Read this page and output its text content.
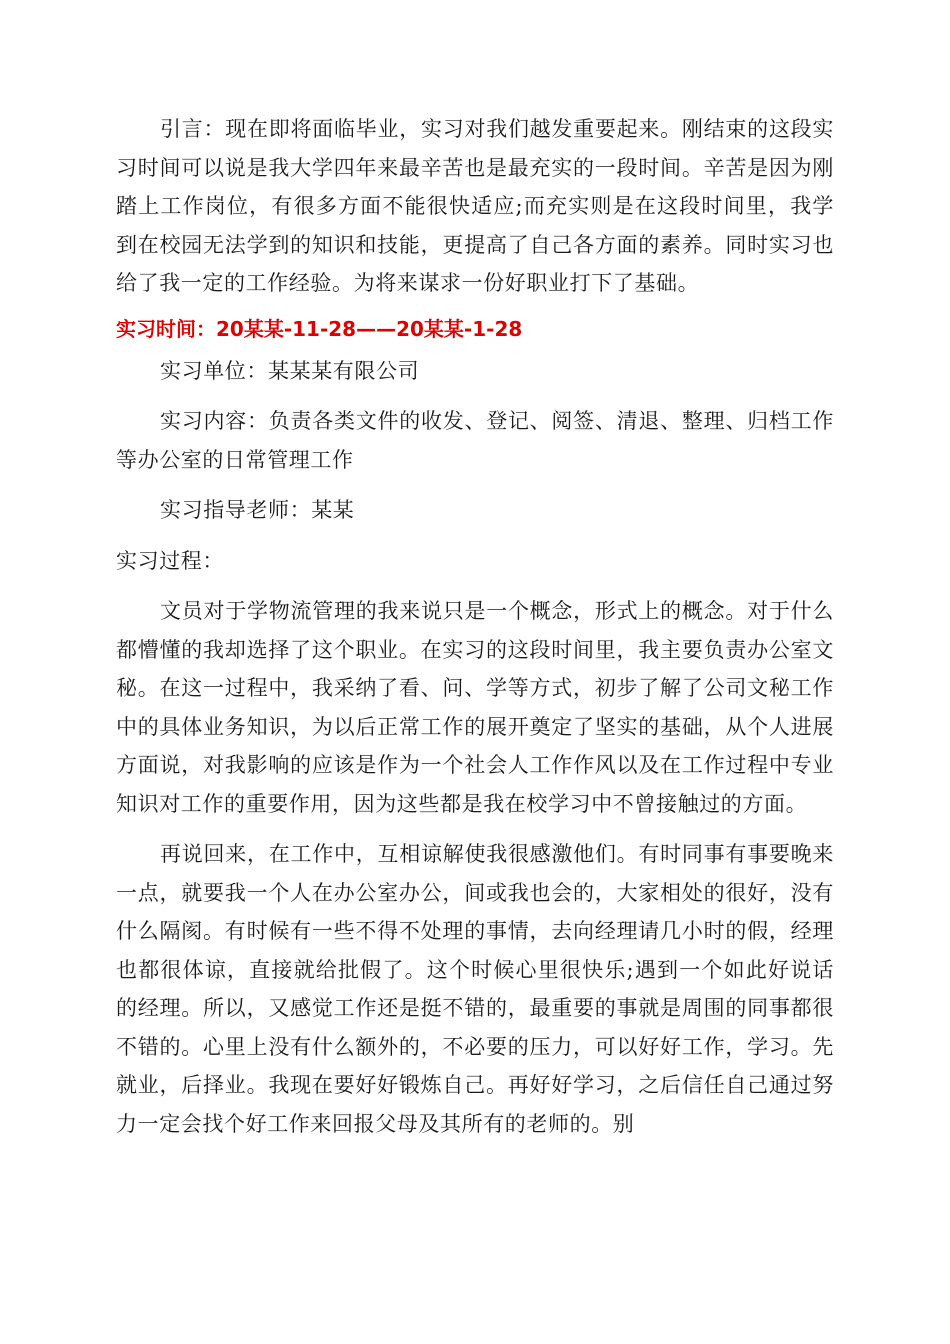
引言：现在即将面临毕业，实习对我们越发重要起来。刚结束的这段实习时间可以说是我大学四年来最辛苦也是最充实的一段时间。辛苦是因为刚踏上工作岗位，有很多方面不能很快适应;而充实则是在这段时间里，我学到在校园无法学到的知识和技能，更提高了自己各方面的素养。同时实习也给了我一定的工作经验。为将来谋求一份好职业打下了基础。

实习时间：20某某-11-28——20某某-1-28

实习单位：某某某有限公司

实习内容：负责各类文件的收发、登记、阅签、清退、整理、归档工作等办公室的日常管理工作

实习指导老师：某某

实习过程：

文员对于学物流管理的我来说只是一个概念，形式上的概念。对于什么都懵懂的我却选择了这个职业。在实习的这段时间里，我主要负责办公室文秘。在这一过程中，我采纳了看、问、学等方式，初步了解了公司文秘工作中的具体业务知识，为以后正常工作的展开奠定了坚实的基础，从个人进展方面说，对我影响的应该是作为一个社会人工作作风以及在工作过程中专业知识对工作的重要作用，因为这些都是我在校学习中不曾接触过的方面。

再说回来，在工作中，互相谅解使我很感激他们。有时同事有事要晚来一点，就要我一个人在办公室办公，间或我也会的，大家相处的很好，没有什么隔阂。有时候有一些不得不处理的事情，去向经理请几小时的假，经理也都很体谅，直接就给批假了。这个时候心里很快乐;遇到一个如此好说话的经理。所以，又感觉工作还是挺不错的，最重要的事就是周围的同事都很不错的。心里上没有什么额外的，不必要的压力，可以好好工作，学习。先就业，后择业。我现在要好好锻炼自己。再好好学习，之后信任自己通过努力一定会找个好工作来回报父母及其所有的老师的。别
